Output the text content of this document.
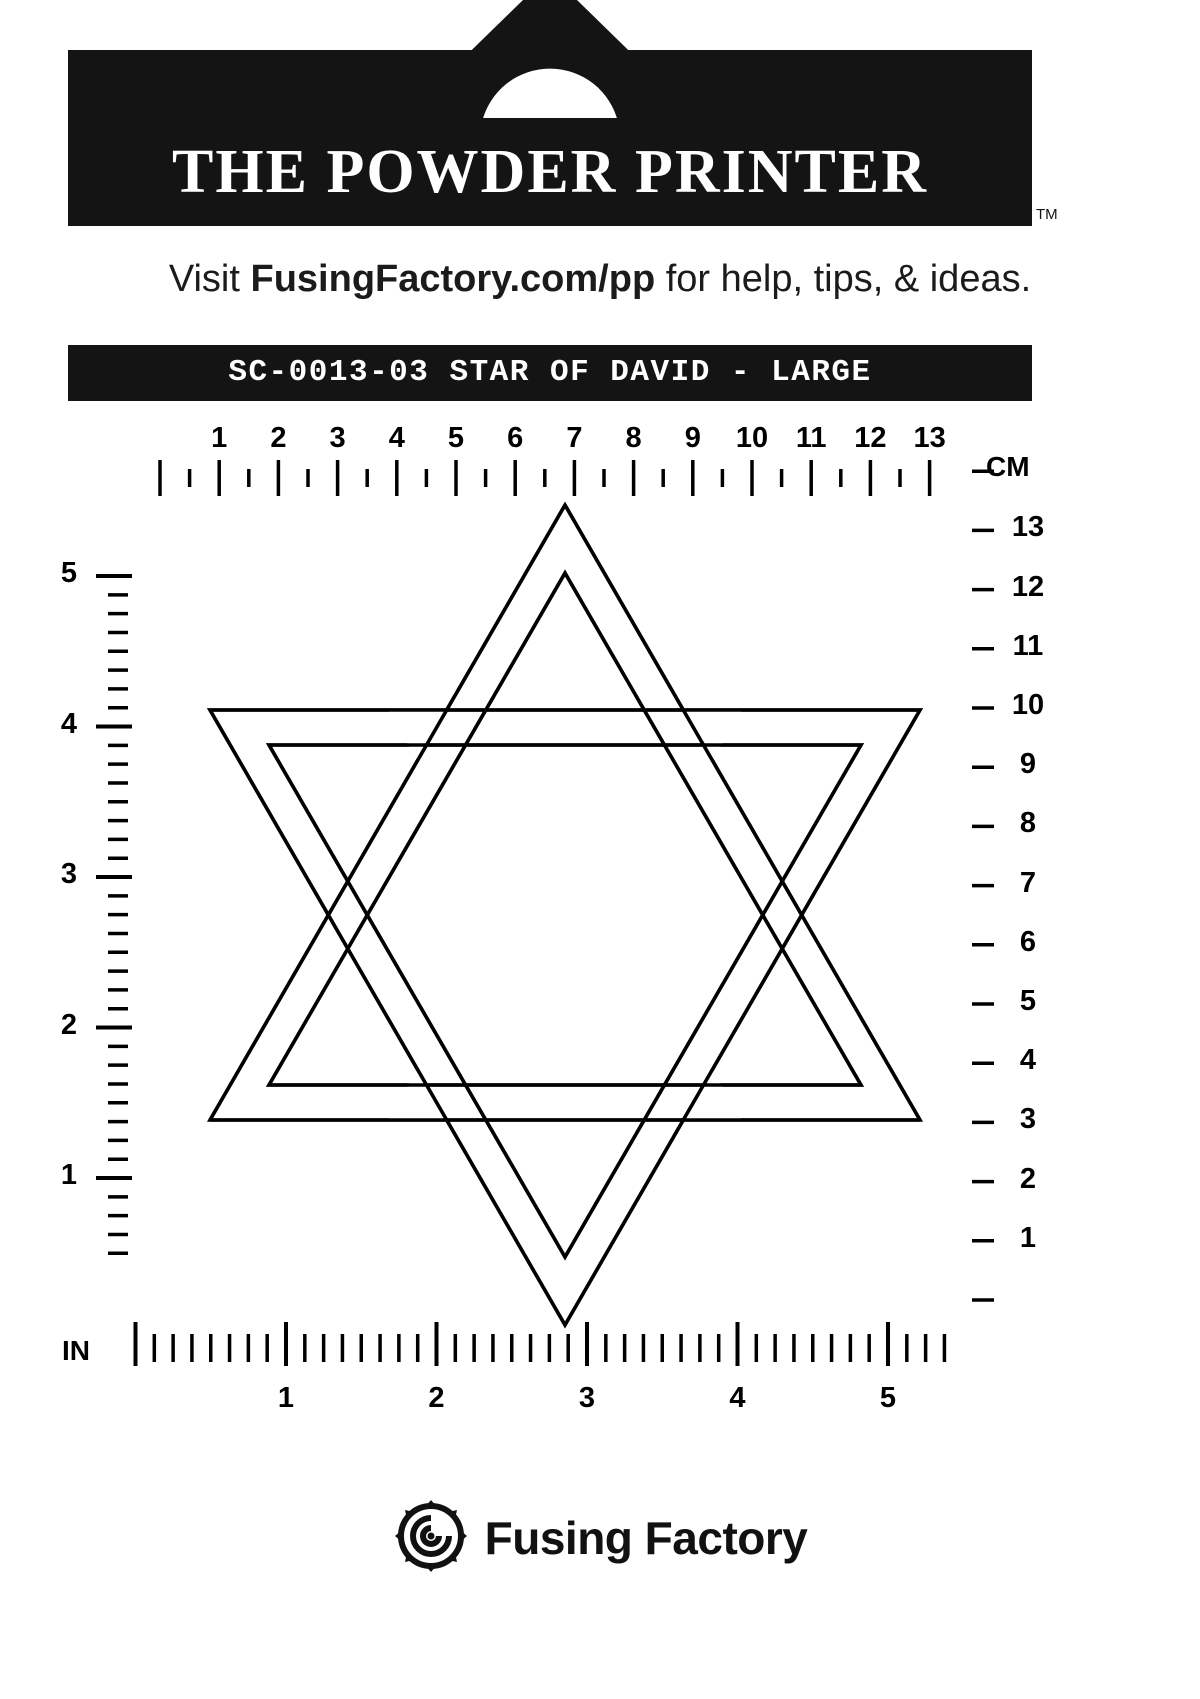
THE POWDER PRINTER
TM
Visit FusingFactory.com/pp for help, tips, & ideas.
SC-0013-03 STAR OF DAVID - LARGE
CM
IN
1	2	3	4	5	6	7	8	9	10 11 12 13
1
2
3
4
5
6
7
8
9
10
11
12
13
1
2
3
4
5
1	2	3	4	5
Fusing Factory
